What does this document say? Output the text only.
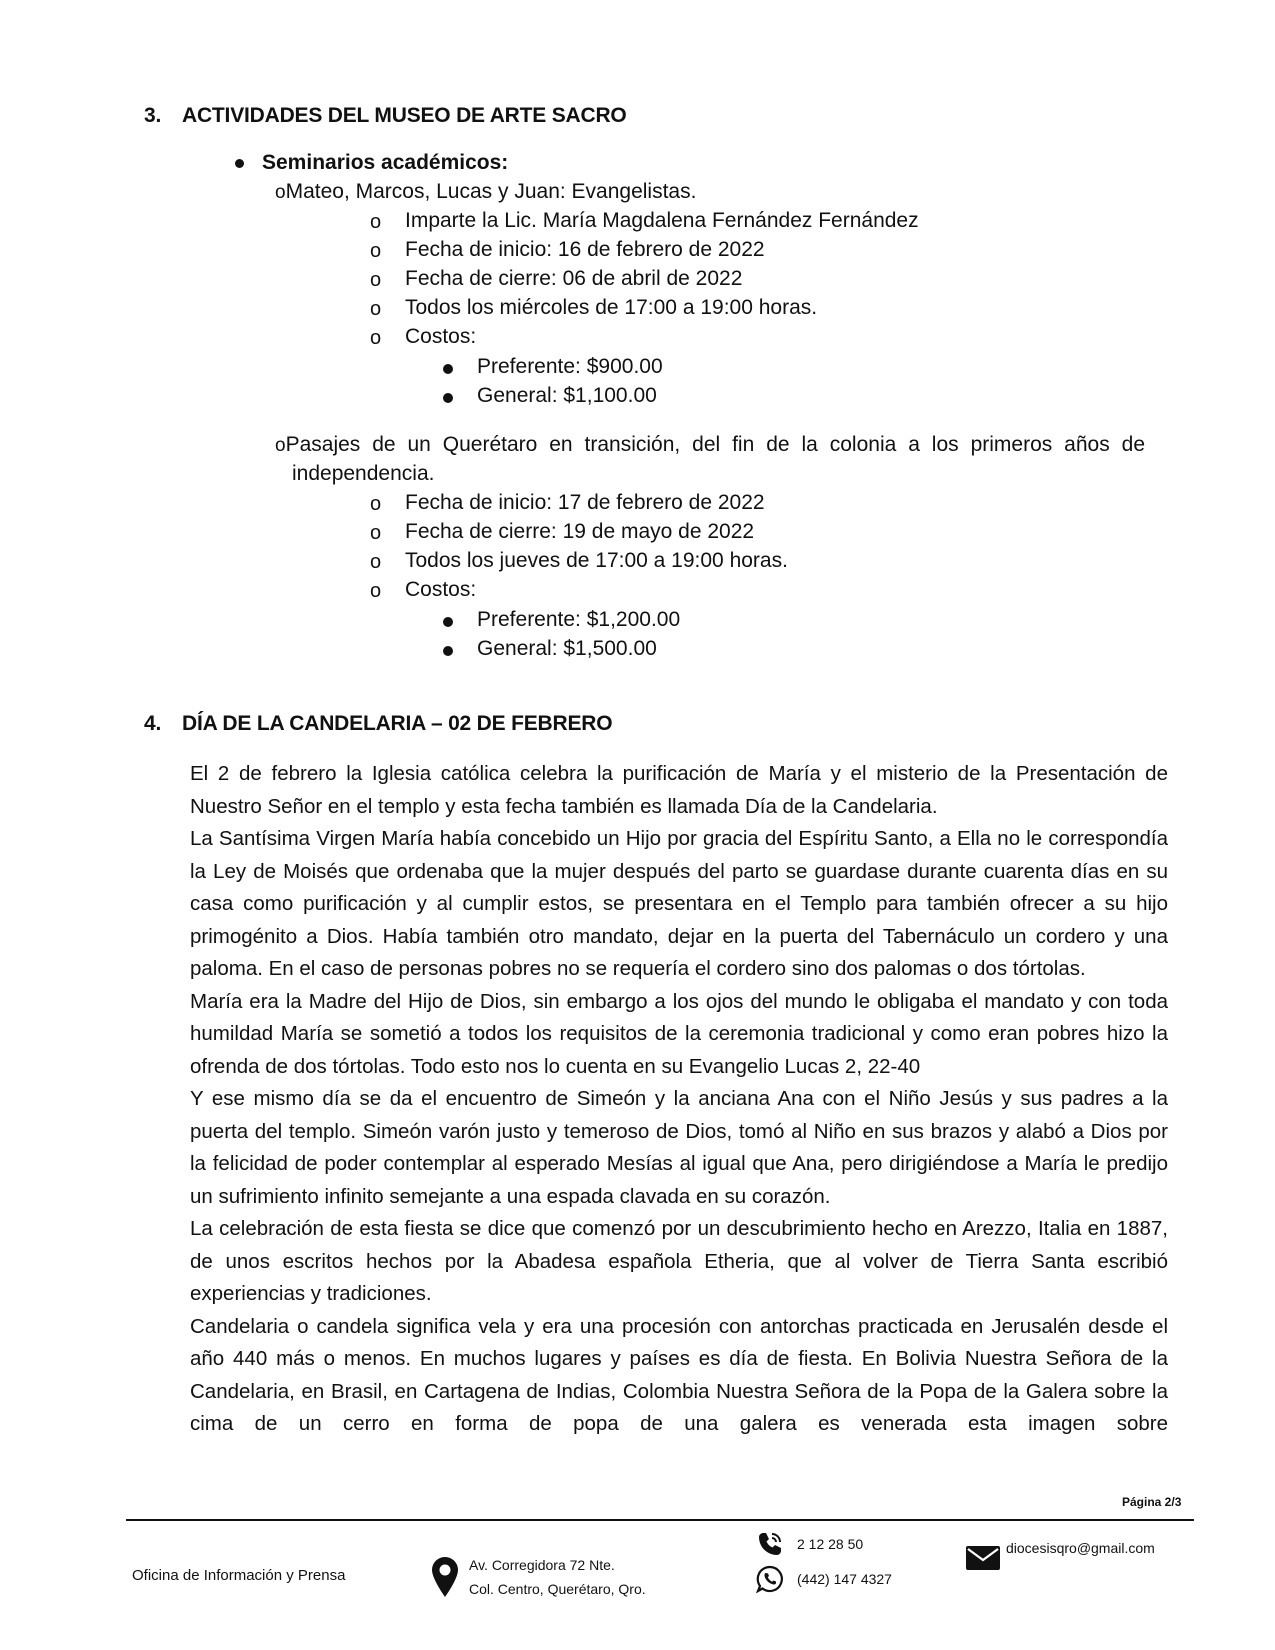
3. ACTIVIDADES DEL MUSEO DE ARTE SACRO
Seminarios académicos:
oMateo, Marcos, Lucas y Juan: Evangelistas.
o Imparte la Lic. María Magdalena Fernández Fernández
o Fecha de inicio: 16 de febrero de 2022
o Fecha de cierre: 06 de abril de 2022
o Todos los miércoles de 17:00 a 19:00 horas.
o Costos:
Preferente: $900.00
General: $1,100.00
oPasajes de un Querétaro en transición, del fin de la colonia a los primeros años de
independencia.
o Fecha de inicio: 17 de febrero de 2022
o Fecha de cierre: 19 de mayo de 2022
o Todos los jueves de 17:00 a 19:00 horas.
o Costos:
Preferente: $1,200.00
General: $1,500.00
4. DÍA DE LA CANDELARIA – 02 DE FEBRERO

El 2 de febrero la Iglesia católica celebra la purificación de María y el misterio de la Presentación de Nuestro Señor en el templo y esta fecha también es llamada Día de la Candelaria.

La Santísima Virgen María había concebido un Hijo por gracia del Espíritu Santo, a Ella no le correspondía la Ley de Moisés que ordenaba que la mujer después del parto se guardase durante cuarenta días en su casa como purificación y al cumplir estos, se presentara en el Templo para también ofrecer a su hijo primogénito a Dios. Había también otro mandato, dejar en la puerta del Tabernáculo un cordero y una paloma. En el caso de personas pobres no se requería el cordero sino dos palomas o dos tórtolas.

María era la Madre del Hijo de Dios, sin embargo a los ojos del mundo le obligaba el mandato y con toda humildad María se sometió a todos los requisitos de la ceremonia tradicional y como eran pobres hizo la ofrenda de dos tórtolas. Todo esto nos lo cuenta en su Evangelio Lucas 2, 22-40

Y ese mismo día se da el encuentro de Simeón y la anciana Ana con el Niño Jesús y sus padres a la puerta del templo. Simeón varón justo y temeroso de Dios, tomó al Niño en sus brazos y alabó a Dios por la felicidad de poder contemplar al esperado Mesías al igual que Ana, pero dirigiéndose a María le predijo un sufrimiento infinito semejante a una espada clavada en su corazón.

La celebración de esta fiesta se dice que comenzó por un descubrimiento hecho en Arezzo, Italia en 1887, de unos escritos hechos por la Abadesa española Etheria, que al volver de Tierra Santa escribió experiencias y tradiciones.

Candelaria o candela significa vela y era una procesión con antorchas practicada en Jerusalén desde el año 440 más o menos. En muchos lugares y países es día de fiesta. En Bolivia Nuestra Señora de la Candelaria, en Brasil, en Cartagena de Indias, Colombia Nuestra Señora de la Popa de la Galera sobre la cima de un cerro en forma de popa de una galera es venerada esta imagen sobre

Página 2/3
Oficina de Información y Prensa
Av. Corregidora 72 Nte.
Col. Centro, Querétaro, Qro.
2 12 28 50
(442) 147 4327
diocesisqro@gmail.com
